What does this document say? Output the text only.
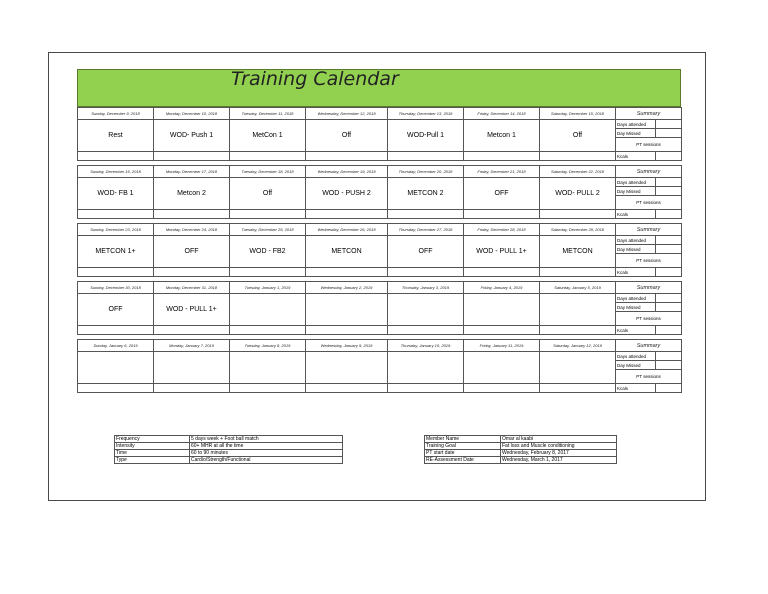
Training Calendar
Sunday, December 9, 2018	Monday, December 10, 2018	Tuesday, December 11, 2018	Wednesday, December 12, 2018	Thursday, December 13, 2018	Friday, December 14, 2018	Saturday, December 15, 2018	Summary	
Rest	WOD- Push 1	MetCon 1	Off	WOD-Pull 1	Metcon 1	Off	Days attended	
							Day Missed	
							PT sessions	
							Kcals	

Sunday, December 16, 2018	Monday, December 17, 2018	Tuesday, December 18, 2018	Wednesday, December 19, 2018	Thursday, December 20, 2018	Friday, December 21, 2018	Saturday, December 22, 2018	Summary	
WOD- FB 1	Metcon 2	Off	WOD - PUSH 2	METCON 2	OFF	WOD- PULL 2	Days attended	
							Day Missed	
							PT sessions	
							Kcals	

Sunday, December 23, 2018	Monday, December 24, 2018	Tuesday, December 25, 2018	Wednesday, December 26, 2018	Thursday, December 27, 2018	Friday, December 28, 2018	Saturday, December 29, 2018	Summary	
METCON 1+	OFF	WOD - FB2	METCON	OFF	WOD - PULL 1+	METCON	Days attended	
							Day Missed	
							PT sessions	
							Kcals	

Sunday, December 30, 2018	Monday, December 31, 2018	Tuesday, January 1, 2019	Wednesday, January 2, 2019	Thursday, January 3, 2019	Friday, January 4, 2019	Saturday, January 5, 2019	Summary	
OFF	WOD - PULL 1+						Days attended	
							Day Missed	
							PT sessions	
							Kcals	

Sunday, January 6, 2019	Monday, January 7, 2019	Tuesday, January 8, 2019	Wednesday, January 9, 2019	Thursday, January 10, 2019	Friday, January 11, 2019	Saturday, January 12, 2019	Summary	
							Days attended	
							Day Missed	
							PT sessions	
							Kcals	
Frequency	5 days week + Foot ball match
Intensity	60+ MHR at all the time
Time	60 to 90 minutes
Type	Cardio/Strength/Functional
Member Name	Omar al kaabi
Training Goal	Fat loss and Muscle conditioning
PT start date	Wednesday, February 8, 2017
RE-Assessment Date	Wednesday, March 1, 2017
